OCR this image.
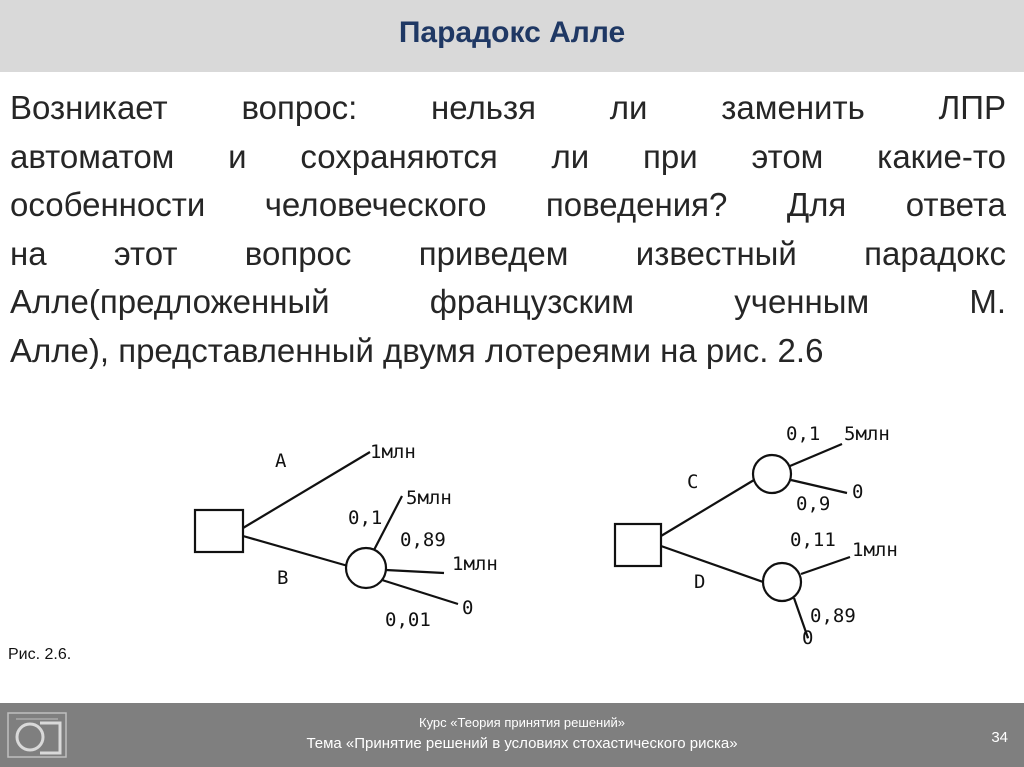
Парадокс Алле
Возникает вопрос: нельзя ли заменить ЛПР
автоматом и сохраняются ли при этом какие-то
особенности человеческого поведения? Для ответа
на этот вопрос приведем известный парадокс
Алле(предложенный французским ученным М.
Алле), представленный двумя лотереями на рис. 2.6
А
В
1млн
0,1
5млн
0,89
1млн
0,01
0
С
D
0,1 5млн
0,9
0
0,11 1млн
0,89
0
Рис. 2.6.
Курс «Теория принятия решений»
Тема «Принятие решений в условиях стохастического риска»	34
